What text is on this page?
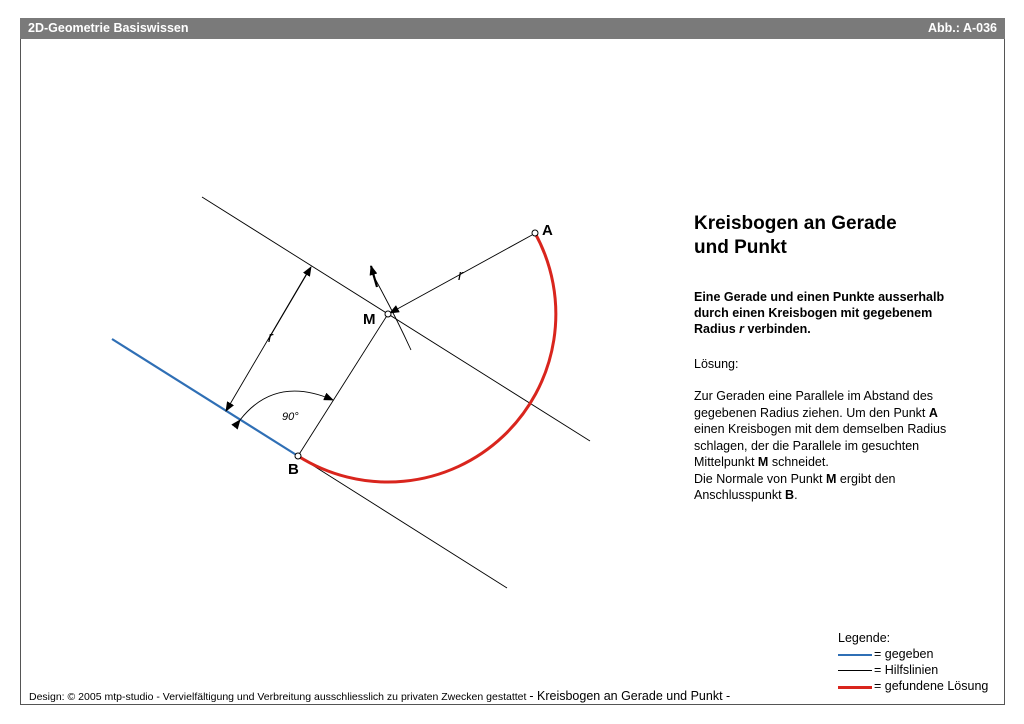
2D-Geometrie Basiswissen	Abb.: A-036
A
B
M
r
r
90°
Kreisbogen an Gerade
und Punkt
Eine Gerade und einen Punkte ausserhalb
durch einen Kreisbogen mit gegebenem
Radius r verbinden.
Lösung:
Zur Geraden eine Parallele im Abstand des
gegebenen Radius ziehen. Um den Punkt A
einen Kreisbogen mit dem demselben Radius
schlagen, der die Parallele im gesuchten
Mittelpunkt M schneidet.
Die Normale von Punkt M ergibt den
Anschlusspunkt B.
Legende:
= gegeben
= Hilfslinien
= gefundene Lösung
Design: © 2005 mtp-studio - Vervielfältigung und Verbreitung ausschliesslich zu privaten Zwecken gestattet - Kreisbogen an Gerade und Punkt -
